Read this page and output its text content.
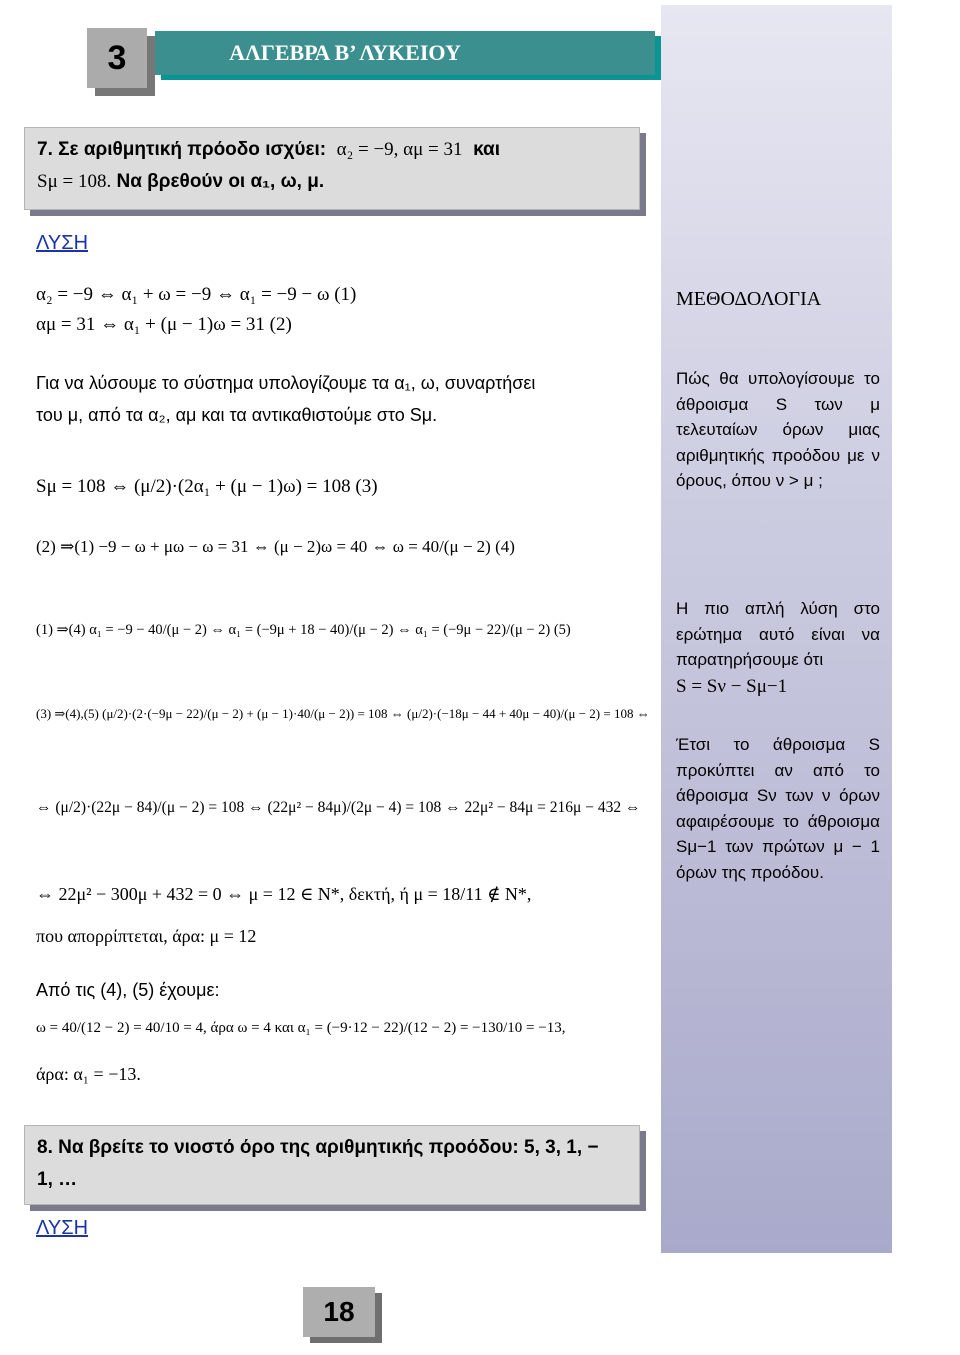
3	ΑΛΓΕΒΡΑ Β’ ΛΥΚΕΙΟΥ
7. Σε αριθμητική πρόοδο ισχύει: α₂ = −9, αμ = 31 και
Sμ = 108. Να βρεθούν οι α₁, ω, μ.
ΛΥΣΗ
α₂ = −9 ⇔ α₁ + ω = −9 ⇔ α₁ = −9 − ω (1)
αμ = 31 ⇔ α₁ + (μ − 1)ω = 31 (2)
Για να λύσουμε το σύστημα υπολογίζουμε τα α₁, ω, συναρτήσει
του μ, από τα α₂, αμ και τα αντικαθιστούμε στο Sμ.
Sμ = 108 ⇔ (μ/2)·(2α₁ + (μ − 1)ω) = 108 (3)
(2) ⇒(1) −9 − ω + μω − ω = 31 ⇔ (μ − 2)ω = 40 ⇔ ω = 40/(μ − 2) (4)
(1) ⇒(4) α₁ = −9 − 40/(μ − 2) ⇔ α₁ = (−9μ + 18 − 40)/(μ − 2) ⇔ α₁ = (−9μ − 22)/(μ − 2) (5)
(3) ⇒(4),(5) (μ/2)·(2·(−9μ − 22)/(μ − 2) + (μ − 1)·40/(μ − 2)) = 108 ⇔ (μ/2)·(−18μ − 44 + 40μ − 40)/(μ − 2) = 108 ⇔
⇔ (μ/2)·(22μ − 84)/(μ − 2) = 108 ⇔ (22μ² − 84μ)/(2μ − 4) = 108 ⇔ 22μ² − 84μ = 216μ − 432 ⇔
⇔ 22μ² − 300μ + 432 = 0 ⇔ μ = 12 ∈ N*, δεκτή, ή μ = 18/11 ∉ N*,
που απορρίπτεται, άρα: μ = 12
Από τις (4), (5) έχουμε:
ω = 40/(12 − 2) = 40/10 = 4, άρα ω = 4 και α₁ = (−9·12 − 22)/(12 − 2) = −130/10 = −13,
άρα: α₁ = −13.
ΜΕΘΟΔΟΛΟΓΙΑ
Πώς θα υπολογίσουμε το άθροισμα S των μ τελευταίων όρων μιας αριθμητικής προόδου με ν όρους, όπου ν > μ ;
Η πιο απλή λύση στο ερώτημα αυτό είναι να παρατηρήσουμε ότι
S = Sν − Sμ−1
Έτσι το άθροισμα S προκύπτει αν από το άθροισμα Sν των ν όρων αφαιρέσουμε το άθροισμα Sμ−1 των πρώτων μ − 1 όρων της προόδου.
8. Να βρείτε το νιοστό όρο της αριθμητικής προόδου: 5, 3, 1, −
1, …
ΛΥΣΗ
18
